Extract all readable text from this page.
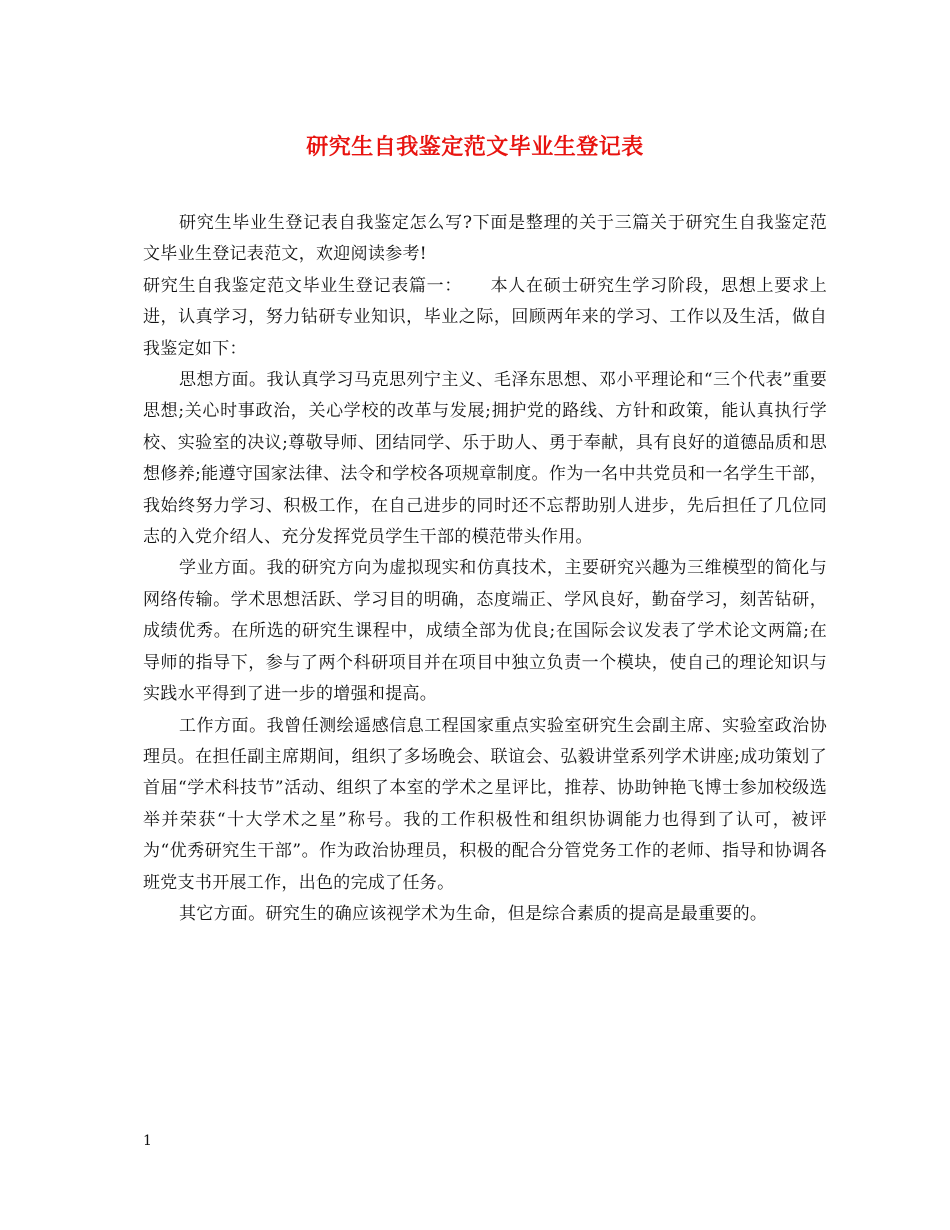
研究生自我鉴定范文毕业生登记表

研究生毕业生登记表自我鉴定怎么写?下面是整理的关于三篇关于研究生自我鉴定范文毕业生登记表范文，欢迎阅读参考!

研究生自我鉴定范文毕业生登记表篇一： 本人在硕士研究生学习阶段，思想上要求上进，认真学习，努力钻研专业知识，毕业之际，回顾两年来的学习、工作以及生活，做自我鉴定如下：

思想方面。我认真学习马克思列宁主义、毛泽东思想、邓小平理论和“三个代表”重要思想;关心时事政治，关心学校的改革与发展;拥护党的路线、方针和政策，能认真执行学校、实验室的决议;尊敬导师、团结同学、乐于助人、勇于奉献，具有良好的道德品质和思想修养;能遵守国家法律、法令和学校各项规章制度。作为一名中共党员和一名学生干部，我始终努力学习、积极工作，在自己进步的同时还不忘帮助别人进步，先后担任了几位同志的入党介绍人、充分发挥党员学生干部的模范带头作用。

学业方面。我的研究方向为虚拟现实和仿真技术，主要研究兴趣为三维模型的简化与网络传输。学术思想活跃、学习目的明确，态度端正、学风良好，勤奋学习，刻苦钻研，成绩优秀。在所选的研究生课程中，成绩全部为优良;在国际会议发表了学术论文两篇;在导师的指导下，参与了两个科研项目并在项目中独立负责一个模块，使自己的理论知识与实践水平得到了进一步的增强和提高。

工作方面。我曾任测绘遥感信息工程国家重点实验室研究生会副主席、实验室政治协理员。在担任副主席期间，组织了多场晚会、联谊会、弘毅讲堂系列学术讲座;成功策划了首届“学术科技节”活动、组织了本室的学术之星评比，推荐、协助钟艳飞博士参加校级选举并荣获“十大学术之星”称号。我的工作积极性和组织协调能力也得到了认可，被评为“优秀研究生干部”。作为政治协理员，积极的配合分管党务工作的老师、指导和协调各班党支书开展工作，出色的完成了任务。

其它方面。研究生的确应该视学术为生命，但是综合素质的提高是最重要的。

1
